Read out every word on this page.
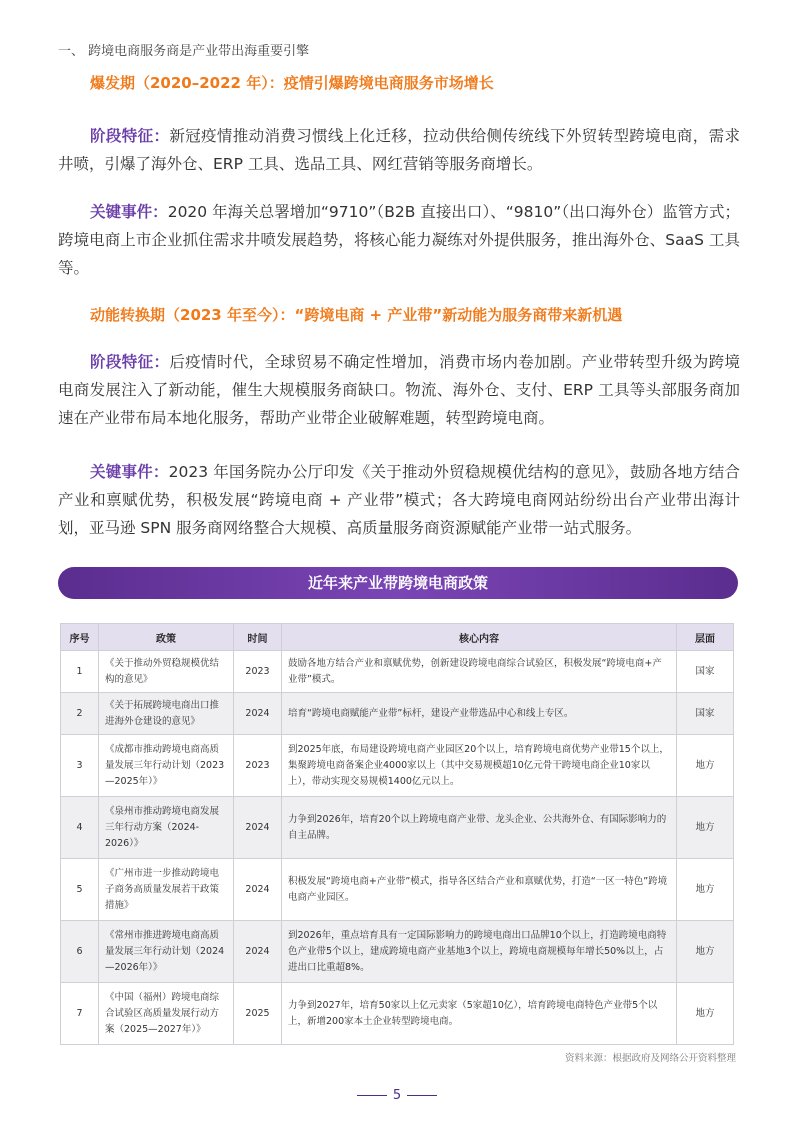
一、 跨境电商服务商是产业带出海重要引擎
爆发期（2020–2022 年）：疫情引爆跨境电商服务市场增长
阶段特征：新冠疫情推动消费习惯线上化迁移，拉动供给侧传统线下外贸转型跨境电商，需求井喷，引爆了海外仓、ERP 工具、选品工具、网红营销等服务商增长。
关键事件：2020 年海关总署增加“9710”（B2B 直接出口）、“9810”（出口海外仓）监管方式；跨境电商上市企业抓住需求井喷发展趋势，将核心能力凝练对外提供服务，推出海外仓、SaaS 工具等。
动能转换期（2023 年至今）：“跨境电商 + 产业带”新动能为服务商带来新机遇
阶段特征：后疫情时代，全球贸易不确定性增加，消费市场内卷加剧。产业带转型升级为跨境电商发展注入了新动能，催生大规模服务商缺口。物流、海外仓、支付、ERP 工具等头部服务商加速在产业带布局本地化服务，帮助产业带企业破解难题，转型跨境电商。
关键事件：2023 年国务院办公厅印发《关于推动外贸稳规模优结构的意见》，鼓励各地方结合产业和禀赋优势，积极发展“跨境电商 + 产业带”模式；各大跨境电商网站纷纷出台产业带出海计划，亚马逊 SPN 服务商网络整合大规模、高质量服务商资源赋能产业带一站式服务。
近年来产业带跨境电商政策
序号	政策	时间	核心内容	层面
1	《关于推动外贸稳规模优结构的意见》	2023	鼓励各地方结合产业和禀赋优势，创新建设跨境电商综合试验区，积极发展“跨境电商+产业带”模式。	国家
2	《关于拓展跨境电商出口推进海外仓建设的意见》	2024	培育“跨境电商赋能产业带”标杆，建设产业带选品中心和线上专区。	国家
3	《成都市推动跨境电商高质量发展三年行动计划（2023—2025年）》	2023	到2025年底，布局建设跨境电商产业园区20个以上，培育跨境电商优势产业带15个以上，集聚跨境电商备案企业4000家以上（其中交易规模超10亿元骨干跨境电商企业10家以上），带动实现交易规模1400亿元以上。	地方
4	《泉州市推动跨境电商发展三年行动方案（2024-2026）》	2024	力争到2026年，培育20个以上跨境电商产业带、龙头企业、公共海外仓、有国际影响力的自主品牌。	地方
5	《广州市进一步推动跨境电子商务高质量发展若干政策措施》	2024	积极发展“跨境电商+产业带”模式，指导各区结合产业和禀赋优势，打造“一区一特色”跨境电商产业园区。	地方
6	《常州市推进跨境电商高质量发展三年行动计划（2024—2026年）》	2024	到2026年，重点培育具有一定国际影响力的跨境电商出口品牌10个以上，打造跨境电商特色产业带5个以上，建成跨境电商产业基地3个以上，跨境电商规模每年增长50%以上，占进出口比重超8%。	地方
7	《中国（福州）跨境电商综合试验区高质量发展行动方案（2025—2027年）》	2025	力争到2027年，培育50家以上亿元卖家（5家超10亿），培育跨境电商特色产业带5个以上，新增200家本土企业转型跨境电商。	地方
资料来源：根据政府及网络公开资料整理
5
